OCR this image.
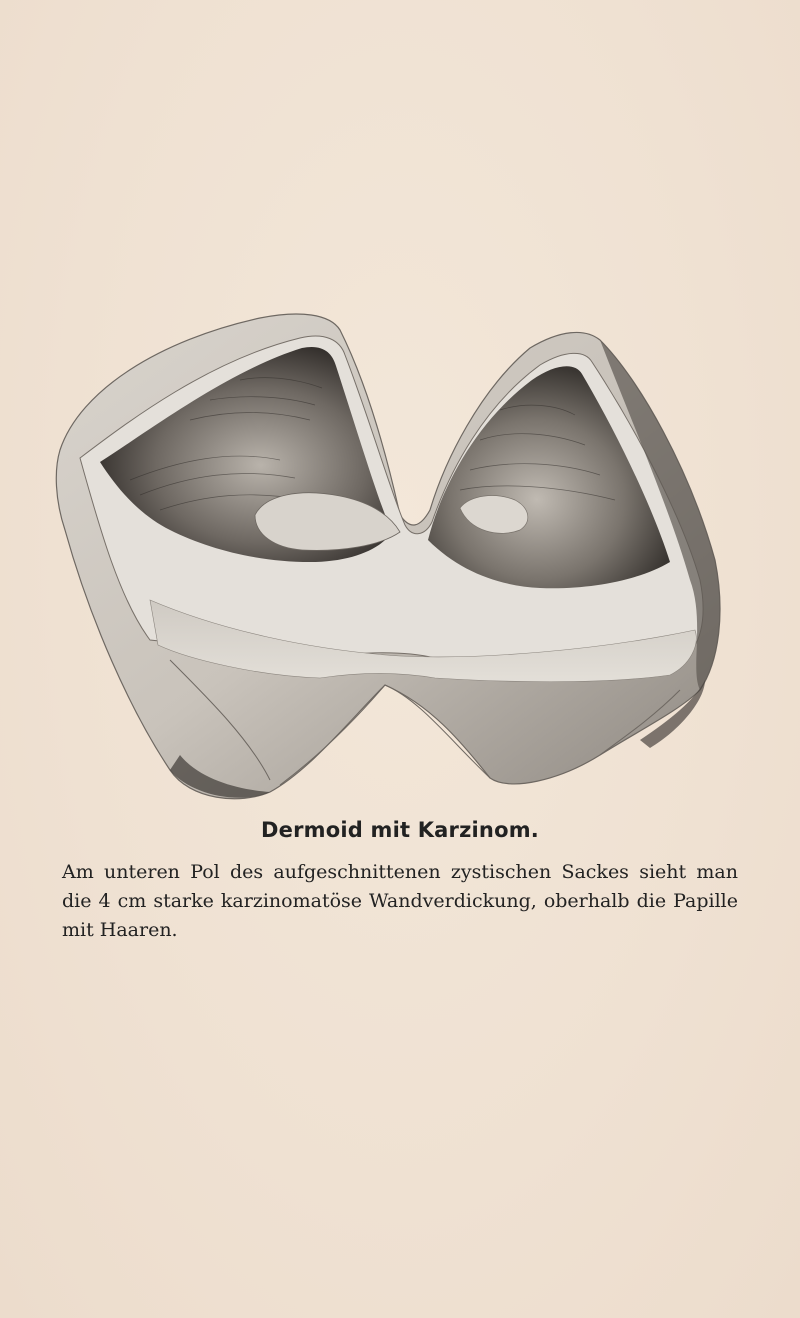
Dermoid mit Karzinom.
Am unteren Pol des aufgeschnittenen zystischen Sackes sieht man die 4 cm starke karzinomatöse Wandverdickung, oberhalb die Papille mit Haaren.
